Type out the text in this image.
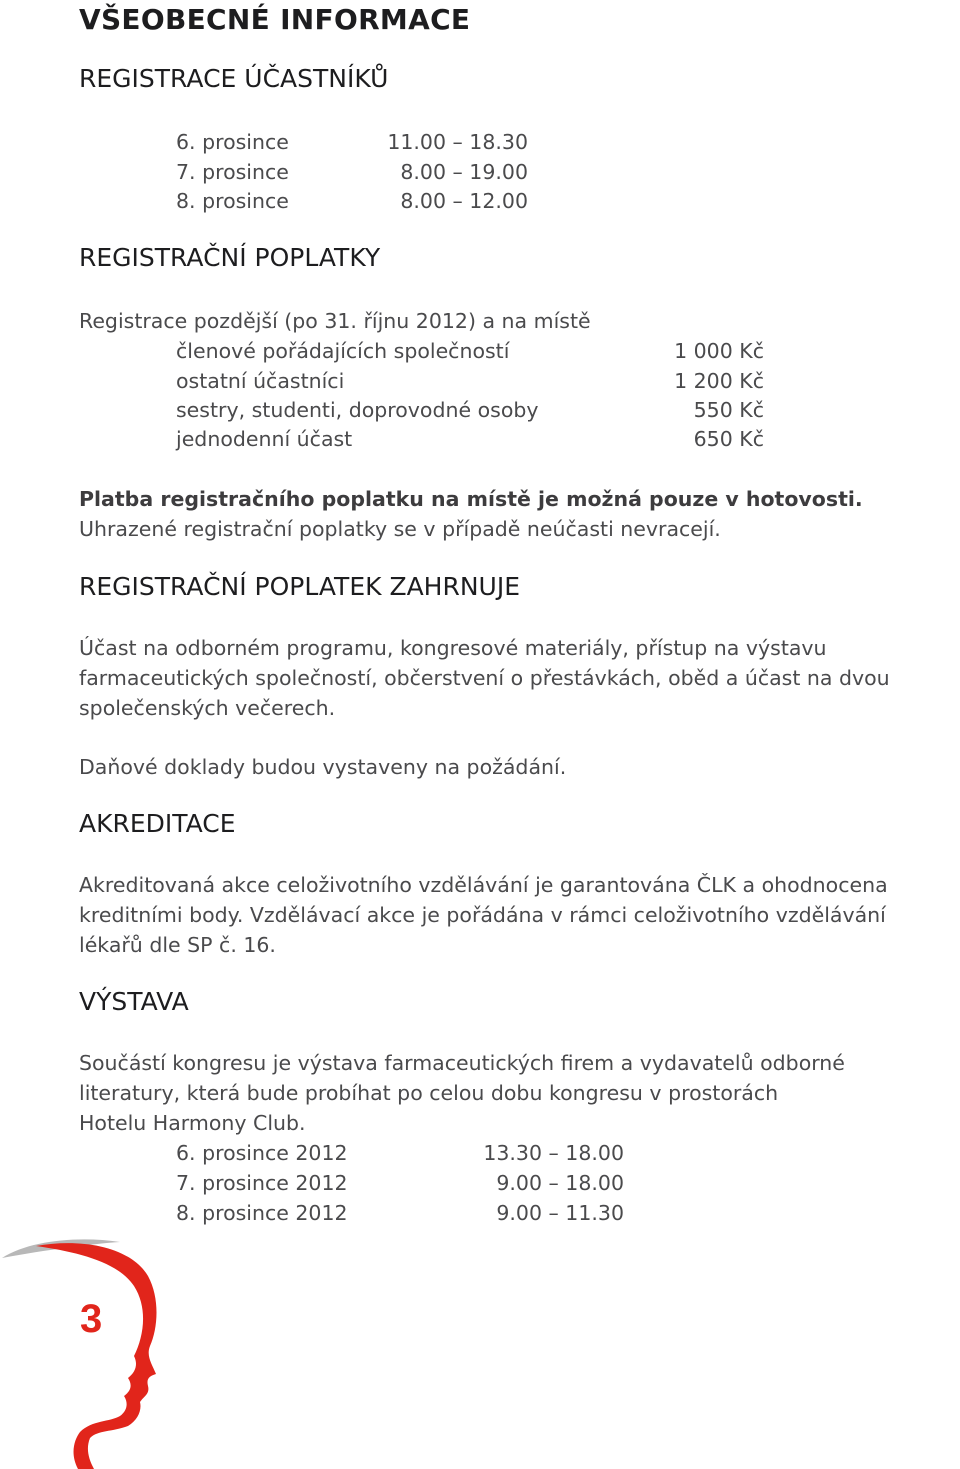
VŠEOBECNÉ INFORMACE
REGISTRACE ÚČASTNÍKŮ
6. prosince	11.00 – 18.30
7. prosince	8.00 – 19.00
8. prosince	8.00 – 12.00
REGISTRAČNÍ POPLATKY

Registrace pozdější (po 31. říjnu 2012) a na místě

členové pořádajících společností	1 000 Kč
ostatní účastníci	1 200 Kč
sestry, studenti, doprovodné osoby	550 Kč
jednodenní účast	650 Kč

Platba registračního poplatku na místě je možná pouze v hotovosti.

Uhrazené registrační poplatky se v případě neúčasti nevracejí.

REGISTRAČNÍ POPLATEK ZAHRNUJE
Účast na odborném programu, kongresové materiály, přístup na výstavu
farmaceutických společností, občerstvení o přestávkách, oběd a účast na dvou
společenských večerech.

Daňové doklady budou vystaveny na požádání.

AKREDITACE
Akreditovaná akce celoživotního vzdělávání je garantována ČLK a ohodnocena
kreditními body. Vzdělávací akce je pořádána v rámci celoživotního vzdělávání
lékařů dle SP č. 16.
VÝSTAVA
Součástí kongresu je výstava farmaceutických firem a vydavatelů odborné
literatury, která bude probíhat po celou dobu kongresu v prostorách
Hotelu Harmony Club.
6. prosince 2012	13.30 – 18.00
7. prosince 2012	9.00 – 18.00
8. prosince 2012	9.00 – 11.30
3
